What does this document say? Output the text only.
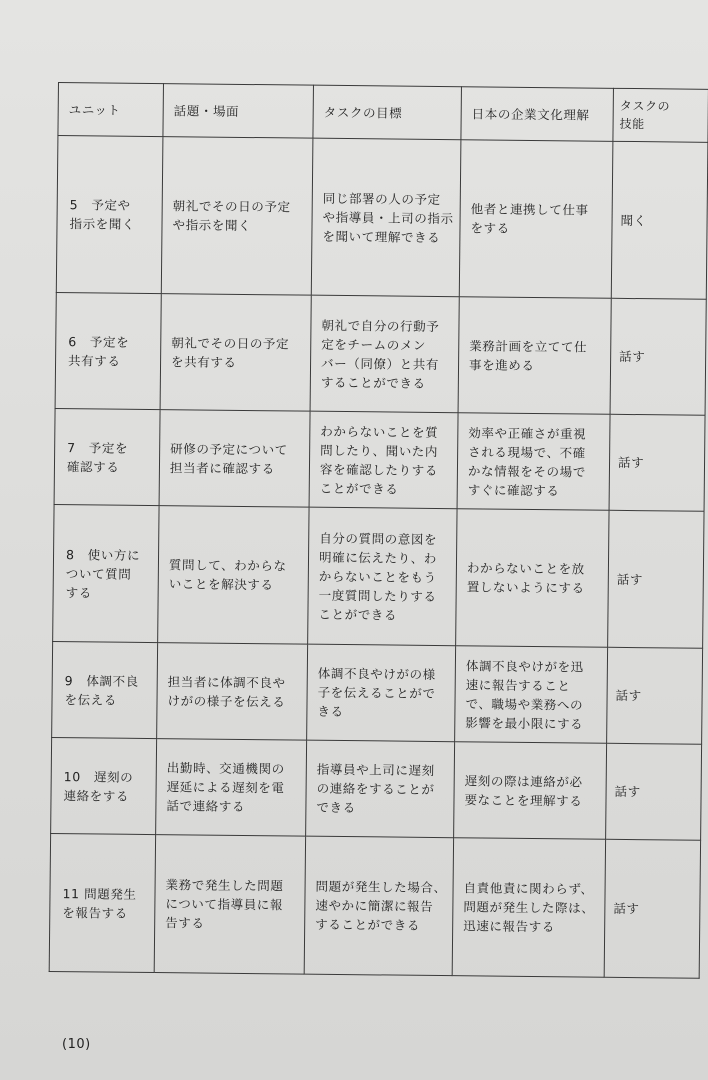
ユニット	話題・場面	タスクの目標	日本の企業文化理解	タスクの
技能
5　予定や
指示を聞く	朝礼でその日の予定
や指示を聞く	同じ部署の人の予定
や指導員・上司の指示
を聞いて理解できる	他者と連携して仕事
をする	聞く
6　予定を
共有する	朝礼でその日の予定
を共有する	朝礼で自分の行動予
定をチームのメン
バー（同僚）と共有
することができる	業務計画を立てて仕
事を進める	話す
7　予定を
確認する	研修の予定について
担当者に確認する	わからないことを質
問したり、聞いた内
容を確認したりする
ことができる	効率や正確さが重視
される現場で、不確
かな情報をその場で
すぐに確認する	話す
8　使い方に
ついて質問
する	質問して、わからな
いことを解決する	自分の質問の意図を
明確に伝えたり、わ
からないことをもう
一度質問したりする
ことができる	わからないことを放
置しないようにする	話す
9　体調不良
を伝える	担当者に体調不良や
けがの様子を伝える	体調不良やけがの様
子を伝えることがで
きる	体調不良やけがを迅
速に報告すること
で、職場や業務への
影響を最小限にする	話す
10　遅刻の
連絡をする	出勤時、交通機関の
遅延による遅刻を電
話で連絡する	指導員や上司に遅刻
の連絡をすることが
できる	遅刻の際は連絡が必
要なことを理解する	話す
11 問題発生
を報告する	業務で発生した問題
について指導員に報
告する	問題が発生した場合、
速やかに簡潔に報告
することができる	自責他責に関わらず、
問題が発生した際は、
迅速に報告する	話す
(10)
